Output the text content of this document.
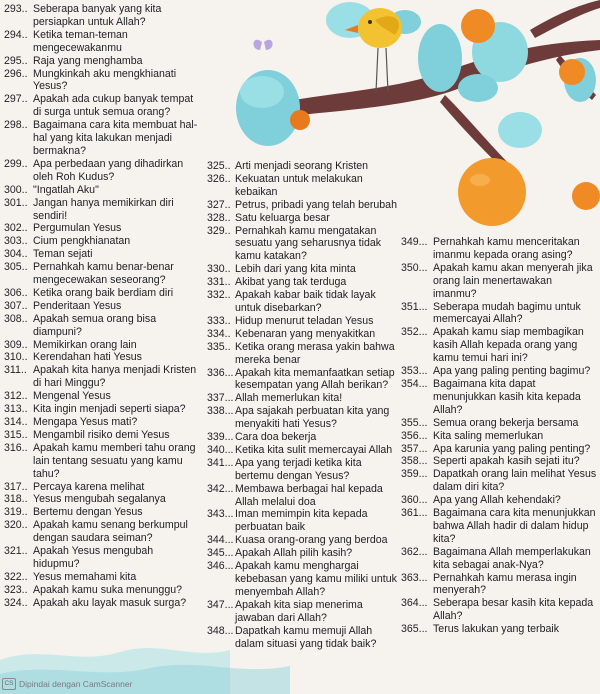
293.. Seberapa banyak yang kita persiapkan untuk Allah?
294.. Ketika teman-teman mengecewakanmu
295.. Raja yang menghamba
296.. Mungkinkah aku mengkhianati Yesus?
297.. Apakah ada cukup banyak tempat di surga untuk semua orang?
298.. Bagaimana cara kita membuat hal-hal yang kita lakukan menjadi bermakna?
299.. Apa perbedaan yang dihadirkan oleh Roh Kudus?
300.. "Ingatlah Aku"
301.. Jangan hanya memikirkan diri sendiri!
302.. Pergumulan Yesus
303.. Cium pengkhianatan
304.. Teman sejati
305.. Pernahkah kamu benar-benar mengecewakan seseorang?
306.. Ketika orang baik berdiam diri
307.. Penderitaan Yesus
308.. Apakah semua orang bisa diampuni?
309.. Memikirkan orang lain
310.. Kerendahan hati Yesus
311.. Apakah kita hanya menjadi Kristen di hari Minggu?
312.. Mengenal Yesus
313.. Kita ingin menjadi seperti siapa?
314.. Mengapa Yesus mati?
315.. Mengambil risiko demi Yesus
316.. Apakah kamu memberi tahu orang lain tentang sesuatu yang kamu tahu?
317.. Percaya karena melihat
318.. Yesus mengubah segalanya
319.. Bertemu dengan Yesus
320.. Apakah kamu senang berkumpul dengan saudara seiman?
321.. Apakah Yesus mengubah hidupmu?
322.. Yesus memahami kita
323.. Apakah kamu suka menunggu?
324.. Apakah aku layak masuk surga?
325.. Arti menjadi seorang Kristen
326.. Kekuatan untuk melakukan kebaikan
327.. Petrus, pribadi yang telah berubah
328.. Satu keluarga besar
329.. Pernahkah kamu mengatakan sesuatu yang seharusnya tidak kamu katakan?
330.. Lebih dari yang kita minta
331.. Akibat yang tak terduga
332.. Apakah kabar baik tidak layak untuk disebarkan?
333.. Hidup menurut teladan Yesus
334.. Kebenaran yang menyakitkan
335.. Ketika orang merasa yakin bahwa mereka benar
336... Apakah kita memanfaatkan setiap kesempatan yang Allah berikan?
337... Allah memerlukan kita!
338... Apa sajakah perbuatan kita yang menyakiti hati Yesus?
339... Cara doa bekerja
340... Ketika kita sulit memercayai Allah
341... Apa yang terjadi ketika kita bertemu dengan Yesus?
342... Membawa berbagai hal kepada Allah melalui doa
343... Iman memimpin kita kepada perbuatan baik
344... Kuasa orang-orang yang berdoa
345... Apakah Allah pilih kasih?
346... Apakah kamu menghargai kebebasan yang kamu miliki untuk menyembah Allah?
347... Apakah kita siap menerima jawaban dari Allah?
348... Dapatkah kamu memuji Allah dalam situasi yang tidak baik?
349... Pernahkah kamu menceritakan imanmu kepada orang asing?
350... Apakah kamu akan menyerah jika orang lain menertawakan imanmu?
351... Seberapa mudah bagimu untuk memercayai Allah?
352... Apakah kamu siap membagikan kasih Allah kepada orang yang kamu temui hari ini?
353... Apa yang paling penting bagimu?
354... Bagaimana kita dapat menunjukkan kasih kita kepada Allah?
355... Semua orang bekerja bersama
356... Kita saling memerlukan
357... Apa karunia yang paling penting?
358... Seperti apakah kasih sejati itu?
359... Dapatkah orang lain melihat Yesus dalam diri kita?
360... Apa yang Allah kehendaki?
361... Bagaimana cara kita menunjukkan bahwa Allah hadir di dalam hidup kita?
362... Bagaimana Allah memperlakukan kita sebagai anak-Nya?
363... Pernahkah kamu merasa ingin menyerah?
364... Seberapa besar kasih kita kepada Allah?
365... Terus lakukan yang terbaik
CS Dipindai dengan CamScanner
